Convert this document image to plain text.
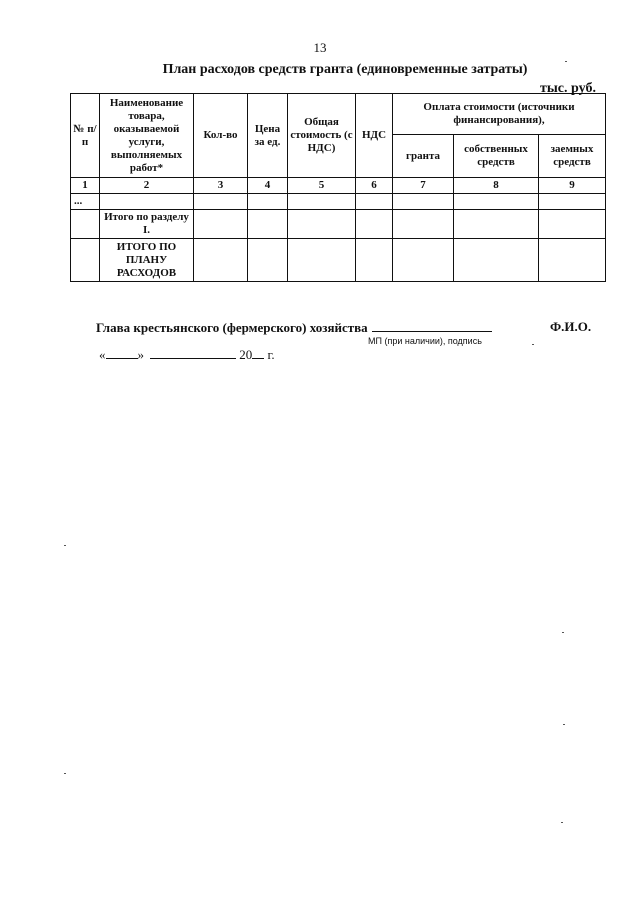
13
План расходов средств гранта (единовременные затраты)
тыс. руб.
№ п/п	Наименование товара, оказываемой услуги, выполняемых работ*	Кол-во	Цена за ед.	Общая стоимость (с НДС)	НДС	Оплата стоимости (источники финансирования),		
						гранта	собственных средств	заемных средств
1	2	3	4	5	6	7	8	9
...								
	Итого по разделу I.							
	ИТОГО ПО ПЛАНУ РАСХОДОВ							
Глава крестьянского (фермерского) хозяйства	Ф.И.О.
МП (при наличии), подпись
« »	20 г.
